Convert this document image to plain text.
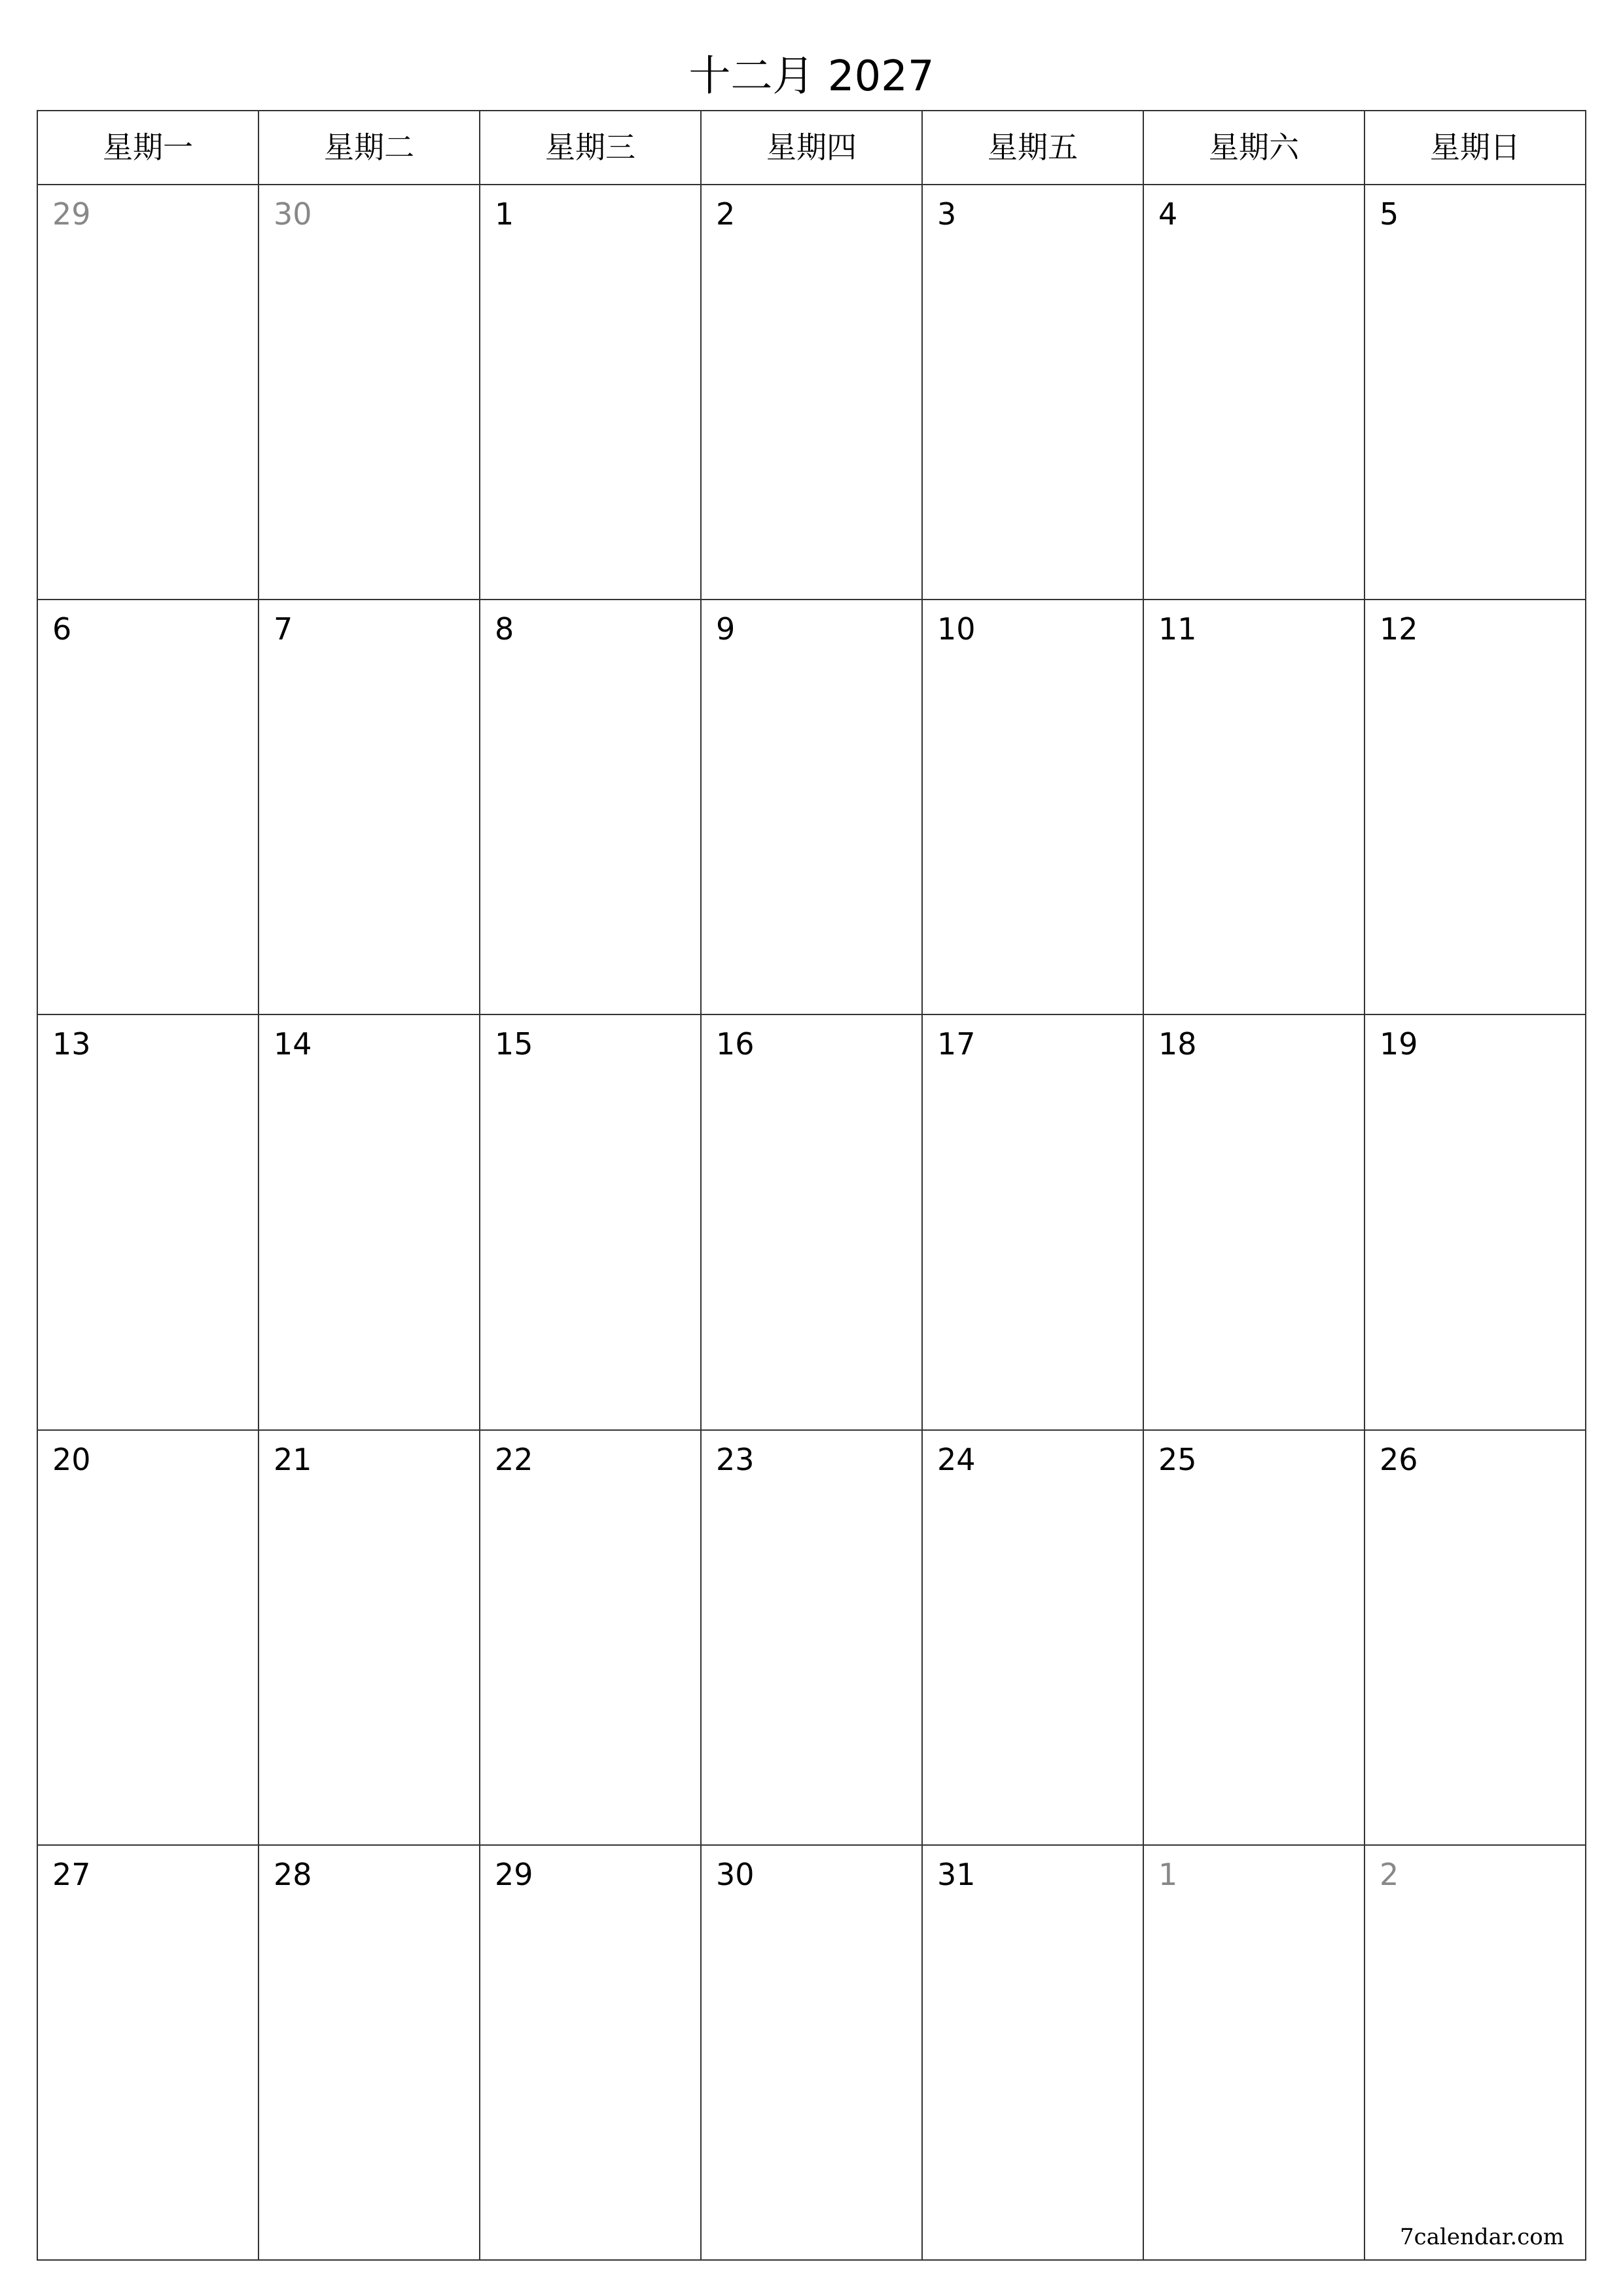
十二月 2027
星期一	星期二	星期三	星期四	星期五	星期六	星期日
29	30	1	2	3	4	5
6	7	8	9	10	11	12
13	14	15	16	17	18	19
20	21	22	23	24	25	26
27	28	29	30	31	1	2
7calendar.com
